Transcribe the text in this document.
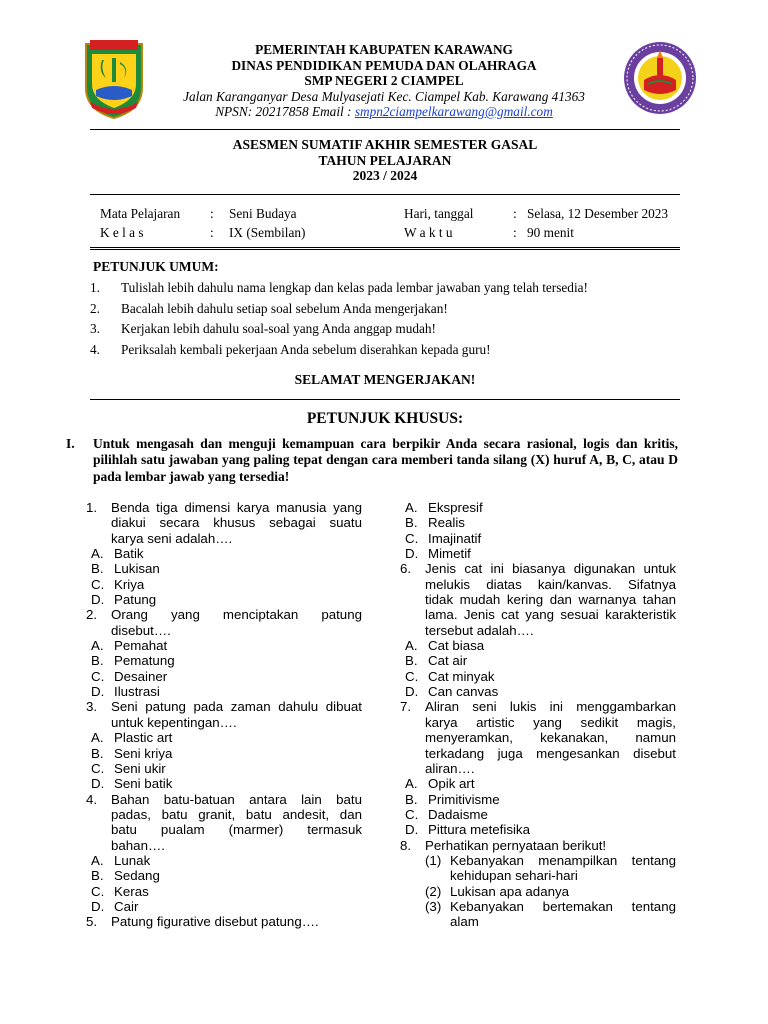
PEMERINTAH KABUPATEN KARAWANG
DINAS PENDIDIKAN PEMUDA DAN OLAHRAGA
SMP NEGERI 2 CIAMPEL
Jalan Karanganyar Desa Mulyasejati Kec. Ciampel Kab. Karawang 41363
NPSN: 20217858 Email : smpn2ciampelkarawang@gmail.com
ASESMEN SUMATIF AKHIR SEMESTER GASAL
TAHUN PELAJARAN
2023 / 2024
Mata Pelajaran
K e l a s
:
:
Seni Budaya
IX (Sembilan)
Hari, tanggal
W a k t u
:
:
Selasa, 12 Desember 2023
90 menit
PETUNJUK UMUM:
1. Tulislah lebih dahulu nama lengkap dan kelas pada lembar jawaban yang telah tersedia!
2. Bacalah lebih dahulu setiap soal sebelum Anda mengerjakan!
3. Kerjakan lebih dahulu soal-soal yang Anda anggap mudah!
4. Periksalah kembali pekerjaan Anda sebelum diserahkan kepada guru!
SELAMAT MENGERJAKAN!
PETUNJUK KHUSUS:
I. Untuk mengasah dan menguji kemampuan cara berpikir Anda secara rasional, logis dan kritis, pilihlah satu jawaban yang paling tepat dengan cara memberi tanda silang (X) huruf A, B, C, atau D pada lembar jawab yang tersedia!
1. Benda tiga dimensi karya manusia yang
diakui secara khusus sebagai suatu
karya seni adalah….
A. Batik
B. Lukisan
C. Kriya
D. Patung
2. Orang yang menciptakan patung
disebut….
A. Pemahat
B. Pematung
C. Desainer
D. Ilustrasi
3. Seni patung pada zaman dahulu dibuat
untuk kepentingan….
A. Plastic art
B. Seni kriya
C. Seni ukir
D. Seni batik
4. Bahan batu-batuan antara lain batu
padas, batu granit, batu andesit, dan
batu pualam (marmer) termasuk
bahan….
A. Lunak
B. Sedang
C. Keras
D. Cair
5. Patung figurative disebut patung….
A. Ekspresif
B. Realis
C. Imajinatif
D. Mimetif
6. Jenis cat ini biasanya digunakan untuk
melukis diatas kain/kanvas. Sifatnya
tidak mudah kering dan warnanya tahan
lama. Jenis cat yang sesuai karakteristik
tersebut adalah….
A. Cat biasa
B. Cat air
C. Cat minyak
D. Can canvas
7. Aliran seni lukis ini menggambarkan
karya artistic yang sedikit magis,
menyeramkan, kekanakan, namun
terkadang juga mengesankan disebut
aliran….
A. Opik art
B. Primitivisme
C. Dadaisme
D. Pittura metefisika
8. Perhatikan pernyataan berikut!
(1) Kebanyakan menampilkan tentang
kehidupan sehari-hari
(2) Lukisan apa adanya
(3) Kebanyakan bertemakan tentang
alam
